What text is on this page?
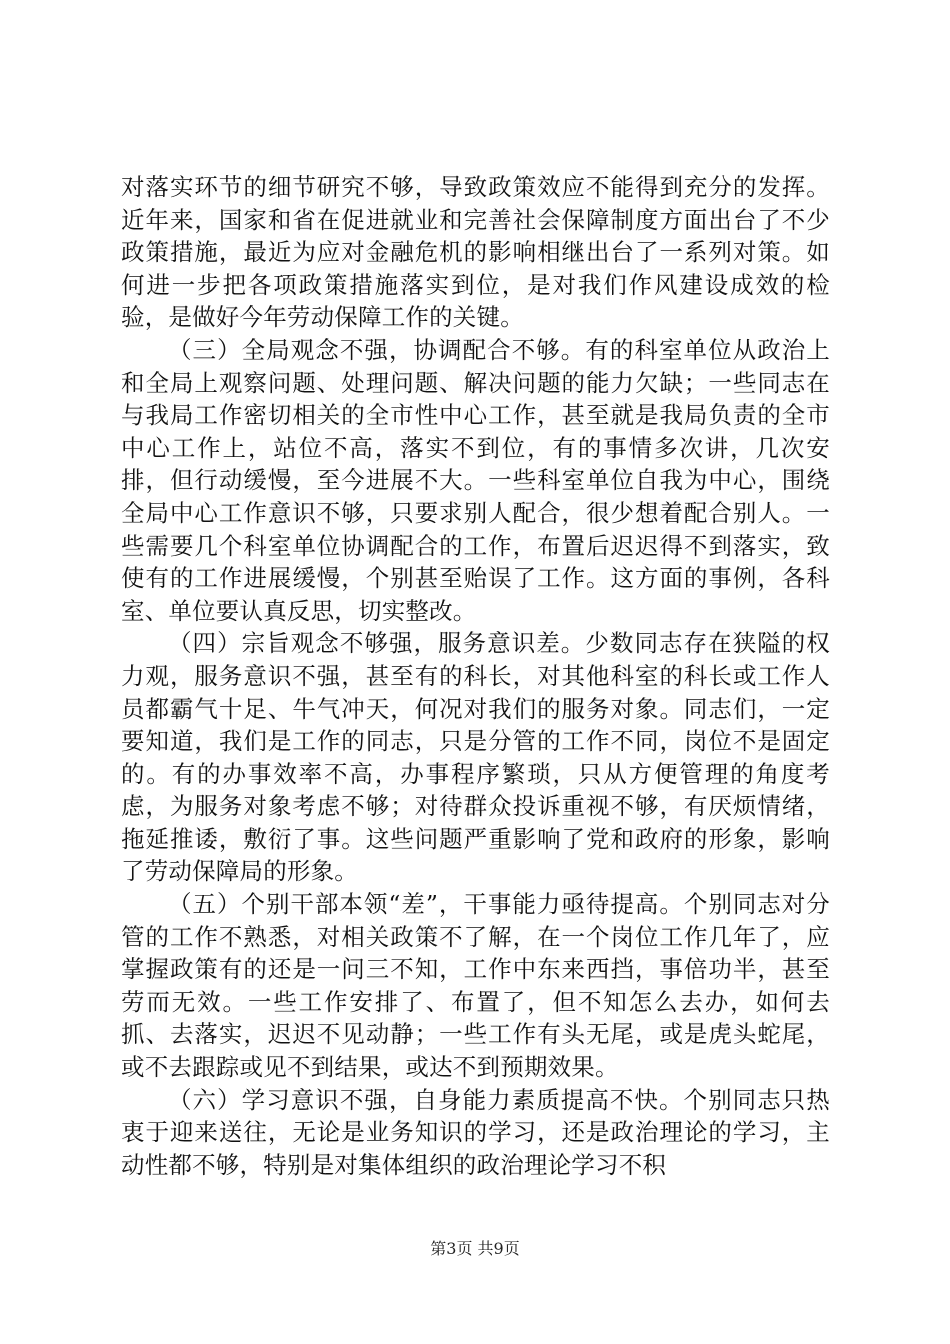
对落实环节的细节研究不够，导致政策效应不能得到充分的发挥。近年来，国家和省在促进就业和完善社会保障制度方面出台了不少政策措施，最近为应对金融危机的影响相继出台了一系列对策。如何进一步把各项政策措施落实到位，是对我们作风建设成效的检验，是做好今年劳动保障工作的关键。

（三）全局观念不强，协调配合不够。有的科室单位从政治上和全局上观察问题、处理问题、解决问题的能力欠缺；一些同志在与我局工作密切相关的全市性中心工作，甚至就是我局负责的全市中心工作上，站位不高，落实不到位，有的事情多次讲，几次安排，但行动缓慢，至今进展不大。一些科室单位自我为中心，围绕全局中心工作意识不够，只要求别人配合，很少想着配合别人。一些需要几个科室单位协调配合的工作，布置后迟迟得不到落实，致使有的工作进展缓慢，个别甚至贻误了工作。这方面的事例，各科室、单位要认真反思，切实整改。

（四）宗旨观念不够强，服务意识差。少数同志存在狭隘的权力观，服务意识不强，甚至有的科长，对其他科室的科长或工作人员都霸气十足、牛气冲天，何况对我们的服务对象。同志们，一定要知道，我们是工作的同志，只是分管的工作不同，岗位不是固定的。有的办事效率不高，办事程序繁琐，只从方便管理的角度考虑，为服务对象考虑不够；对待群众投诉重视不够，有厌烦情绪，拖延推诿，敷衍了事。这些问题严重影响了党和政府的形象，影响了劳动保障局的形象。

（五）个别干部本领“差”，干事能力亟待提高。个别同志对分管的工作不熟悉，对相关政策不了解，在一个岗位工作几年了，应掌握政策有的还是一问三不知，工作中东来西挡，事倍功半，甚至劳而无效。一些工作安排了、布置了，但不知怎么去办，如何去抓、去落实，迟迟不见动静；一些工作有头无尾，或是虎头蛇尾，或不去跟踪或见不到结果，或达不到预期效果。

（六）学习意识不强，自身能力素质提高不快。个别同志只热衷于迎来送往，无论是业务知识的学习，还是政治理论的学习，主动性都不够，特别是对集体组织的政治理论学习不积

第3页 共9页
